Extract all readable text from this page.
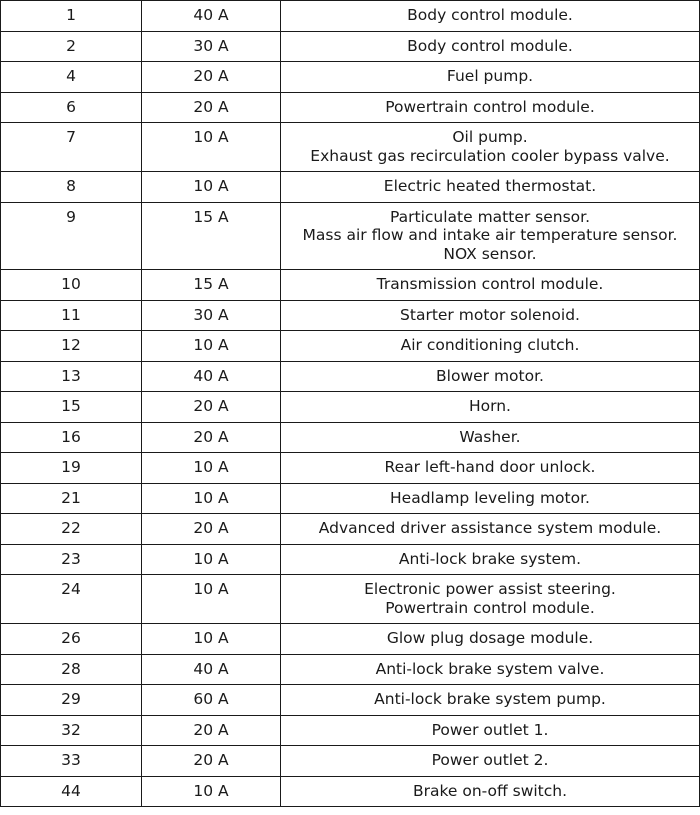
1	40 A	Body control module.

2	30 A	Body control module.

4	20 A	Fuel pump.

6	20 A	Powertrain control module.

7	10 A	Oil pump.
Exhaust gas recirculation cooler bypass valve.

8	10 A	Electric heated thermostat.

9	15 A	Particulate matter sensor.
Mass air flow and intake air temperature sensor.
NOX sensor.

10	15 A	Transmission control module.

11	30 A	Starter motor solenoid.

12	10 A	Air conditioning clutch.

13	40 A	Blower motor.

15	20 A	Horn.

16	20 A	Washer.

19	10 A	Rear left-hand door unlock.

21	10 A	Headlamp leveling motor.

22	20 A	Advanced driver assistance system module.

23	10 A	Anti-lock brake system.

24	10 A	Electronic power assist steering.
Powertrain control module.

26	10 A	Glow plug dosage module.

28	40 A	Anti-lock brake system valve.

29	60 A	Anti-lock brake system pump.

32	20 A	Power outlet 1.

33	20 A	Power outlet 2.

44	10 A	Brake on-off switch.
